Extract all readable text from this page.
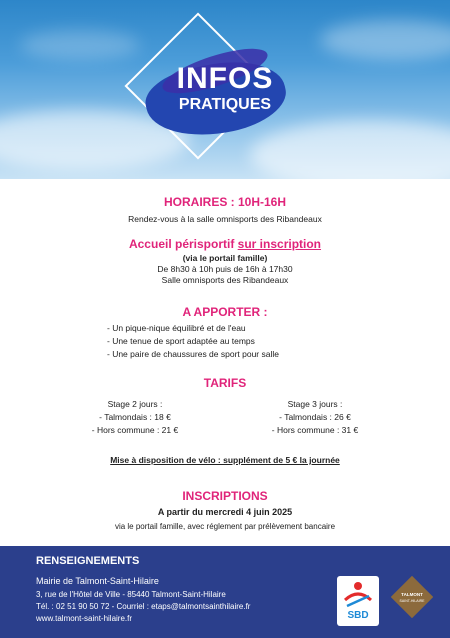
INFOS
PRATIQUES
HORAIRES : 10H-16H
Rendez-vous à la salle omnisports des Ribandeaux
Accueil périsportif sur inscription
(via le portail famille)
De 8h30 à 10h puis de 16h à 17h30
Salle omnisports des Ribandeaux
A APPORTER :
- Un pique-nique équilibré et de l'eau
- Une tenue de sport adaptée au temps
- Une paire de chaussures de sport pour salle
TARIFS
Stage 2 jours :
- Talmondais : 18 €
- Hors commune : 21 €
Stage 3 jours :
- Talmondais : 26 €
- Hors commune : 31 €
Mise à disposition de vélo : supplément de 5 € la journée
INSCRIPTIONS
A partir du mercredi 4 juin 2025
via le portail famille, avec réglement par prélèvement bancaire
RENSEIGNEMENTS
Mairie de Talmont-Saint-Hilaire
3, rue de l'Hôtel de Ville - 85440 Talmont-Saint-Hilaire
Tél. : 02 51 90 50 72 - Courriel : etaps@talmontsainthilaire.fr
www.talmont-saint-hilaire.fr	SBD
TALMONT
SAINT-HILAIRE
